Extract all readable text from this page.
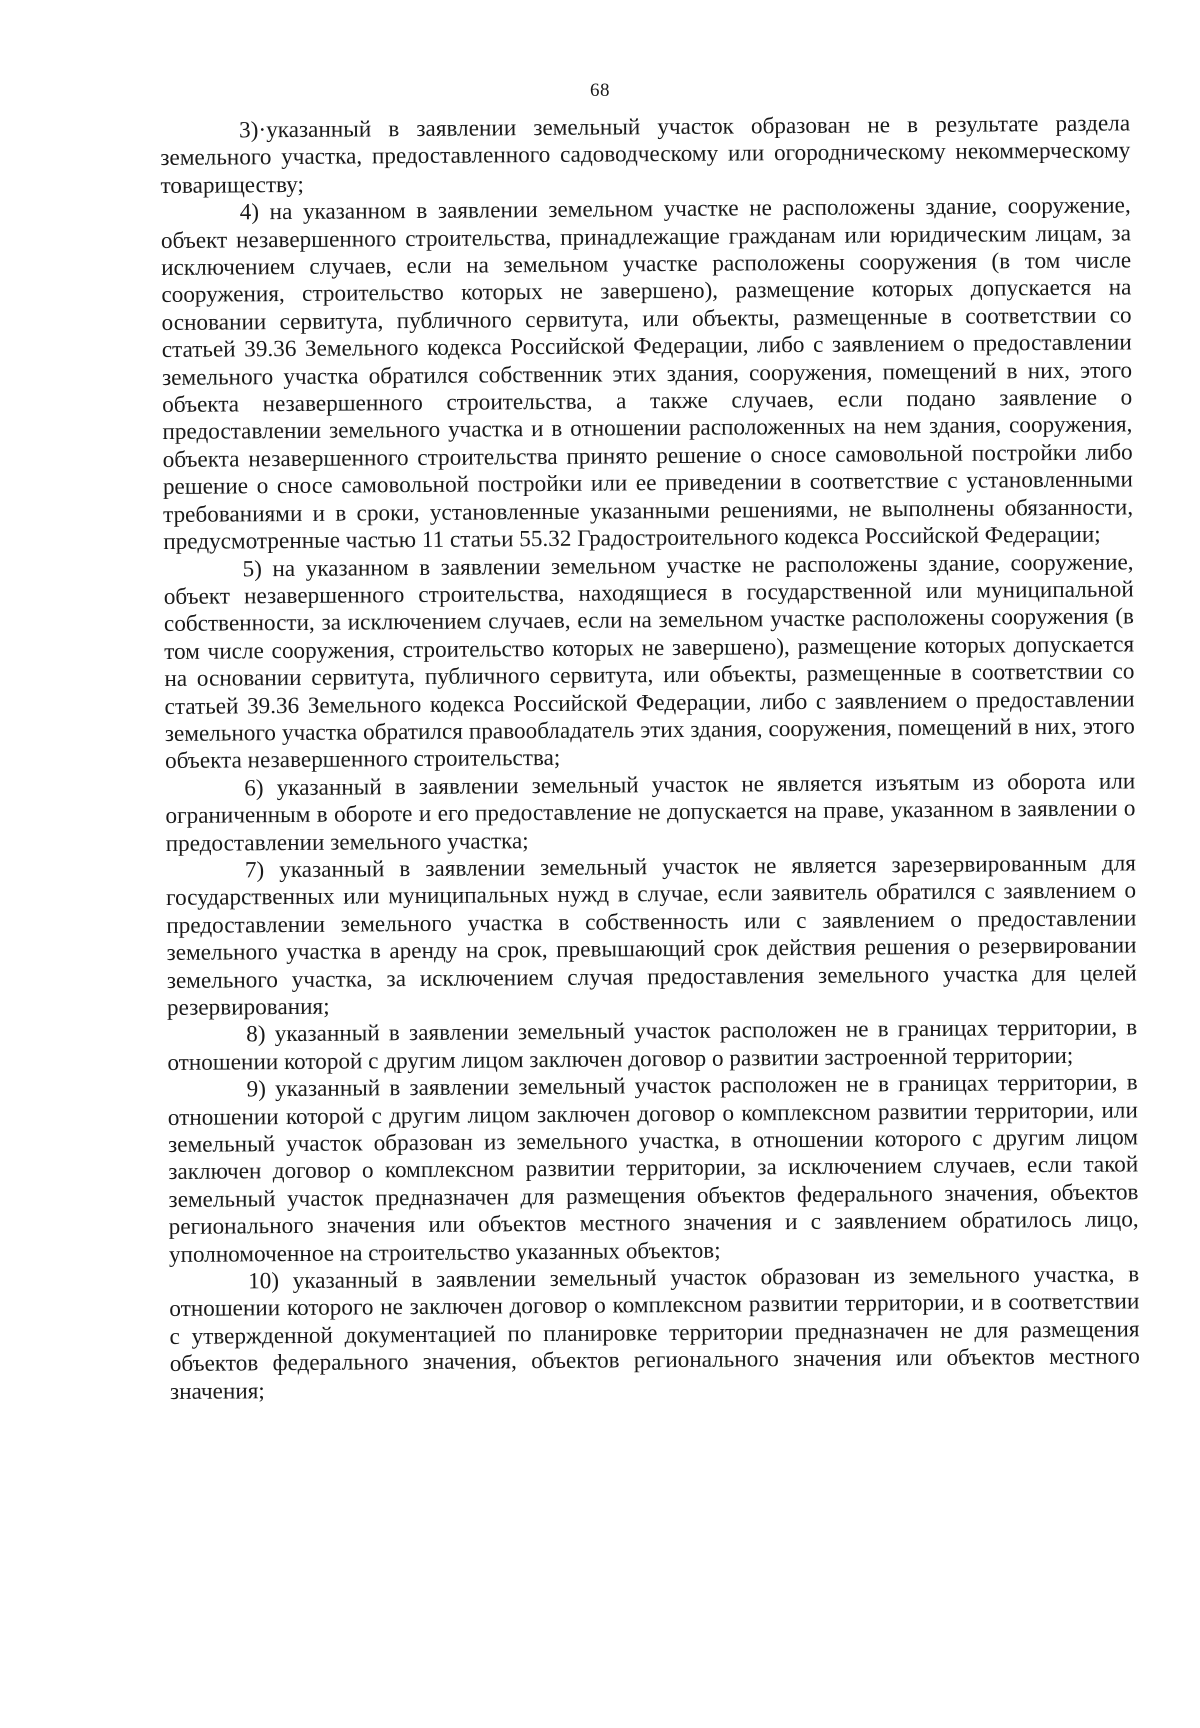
68

3)·указанный в заявлении земельный участок образован не в результате раздела земельного участка, предоставленного садоводческому или огородническому некоммерческому товариществу;

4) на указанном в заявлении земельном участке не расположены здание, сооружение, объект незавершенного строительства, принадлежащие гражданам или юридическим лицам, за исключением случаев, если на земельном участке расположены сооружения (в том числе сооружения, строительство которых не завершено), размещение которых допускается на основании сервитута, публичного сервитута, или объекты, размещенные в соответствии со статьей 39.36 Земельного кодекса Российской Федерации, либо с заявлением о предоставлении земельного участка обратился собственник этих здания, сооружения, помещений в них, этого объекта незавершенного строительства, а также случаев, если подано заявление о предоставлении земельного участка и в отношении расположенных на нем здания, сооружения, объекта незавершенного строительства принято решение о сносе самовольной постройки либо решение о сносе самовольной постройки или ее приведении в соответствие с установленными требованиями и в сроки, установленные указанными решениями, не выполнены обязанности, предусмотренные частью 11 статьи 55.32 Градостроительного кодекса Российской Федерации;

5) на указанном в заявлении земельном участке не расположены здание, сооружение, объект незавершенного строительства, находящиеся в государственной или муниципальной собственности, за исключением случаев, если на земельном участке расположены сооружения (в том числе сооружения, строительство которых не завершено), размещение которых допускается на основании сервитута, публичного сервитута, или объекты, размещенные в соответствии со статьей 39.36 Земельного кодекса Российской Федерации, либо с заявлением о предоставлении земельного участка обратился правообладатель этих здания, сооружения, помещений в них, этого объекта незавершенного строительства;

6) указанный в заявлении земельный участок не является изъятым из оборота или ограниченным в обороте и его предоставление не допускается на праве, указанном в заявлении о предоставлении земельного участка;

7) указанный в заявлении земельный участок не является зарезервированным для государственных или муниципальных нужд в случае, если заявитель обратился с заявлением о предоставлении земельного участка в собственность или с заявлением о предоставлении земельного участка в аренду на срок, превышающий срок действия решения о резервировании земельного участка, за исключением случая предоставления земельного участка для целей резервирования;

8) указанный в заявлении земельный участок расположен не в границах территории, в отношении которой с другим лицом заключен договор о развитии застроенной территории;

9) указанный в заявлении земельный участок расположен не в границах территории, в отношении которой с другим лицом заключен договор о комплексном развитии территории, или земельный участок образован из земельного участка, в отношении которого с другим лицом заключен договор о комплексном развитии территории, за исключением случаев, если такой земельный участок предназначен для размещения объектов федерального значения, объектов регионального значения или объектов местного значения и с заявлением обратилось лицо, уполномоченное на строительство указанных объектов;

10) указанный в заявлении земельный участок образован из земельного участка, в отношении которого не заключен договор о комплексном развитии территории, и в соответствии с утвержденной документацией по планировке территории предназначен не для размещения объектов федерального значения, объектов регионального значения или объектов местного значения;
